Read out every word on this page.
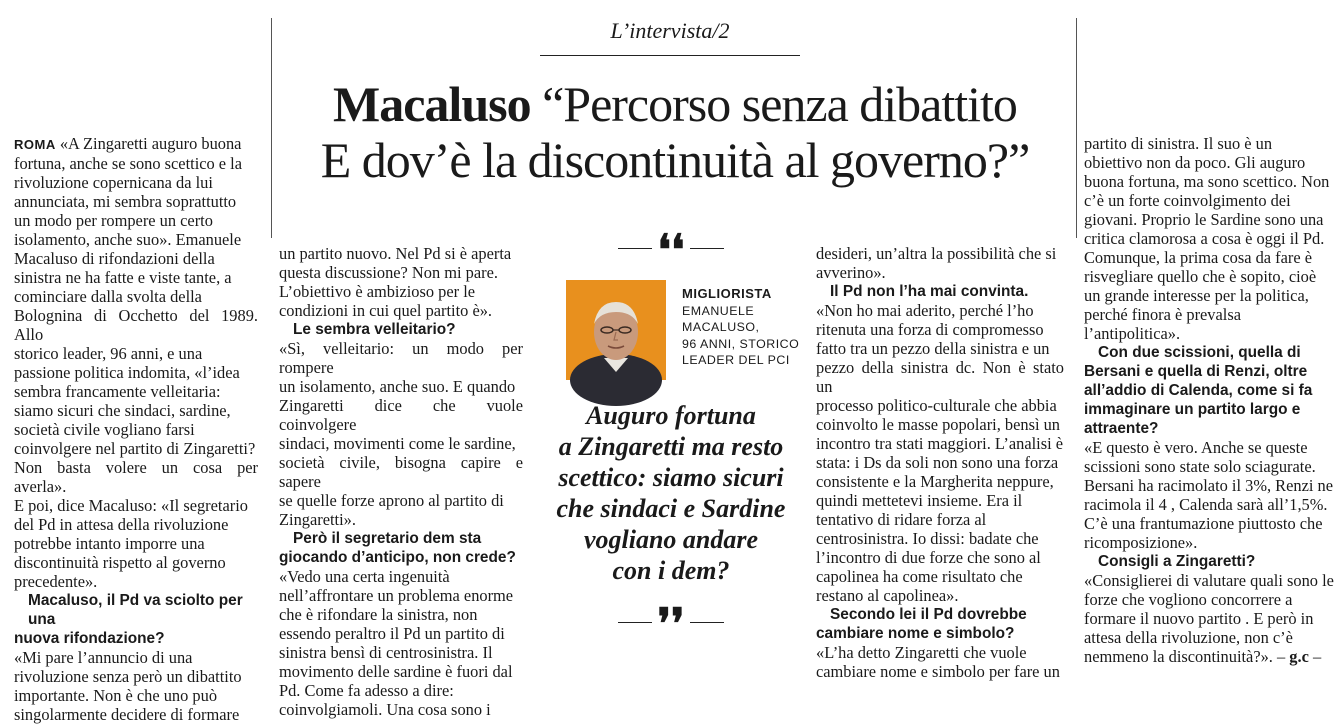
L’intervista/2
Macaluso “Percorso senza dibattito
E dov’è la discontinuità al governo?”

ROMA «A Zingaretti auguro buona

fortuna, anche se sono scettico e la

rivoluzione copernicana da lui

annunciata, mi sembra soprattutto

un modo per rompere un certo

isolamento, anche suo». Emanuele

Macaluso di rifondazioni della

sinistra ne ha fatte e viste tante, a

cominciare dalla svolta della

Bolognina di Occhetto del 1989. Allo

storico leader, 96 anni, e una

passione politica indomita, «l’idea

sembra francamente velleitaria:

siamo sicuri che sindaci, sardine,

società civile vogliano farsi

coinvolgere nel partito di Zingaretti?

Non basta volere un cosa per averla».

E poi, dice Macaluso: «Il segretario

del Pd in attesa della rivoluzione

potrebbe intanto imporre una

discontinuità rispetto al governo

precedente».

Macaluso, il Pd va sciolto per una

nuova rifondazione?

«Mi pare l’annuncio di una

rivoluzione senza però un dibattito

importante. Non è che uno può

singolarmente decidere di formare

un partito nuovo. Nel Pd si è aperta

questa discussione? Non mi pare.

L’obiettivo è ambizioso per le

condizioni in cui quel partito è».

Le sembra velleitario?

«Sì, velleitario: un modo per rompere

un isolamento, anche suo. E quando

Zingaretti dice che vuole coinvolgere

sindaci, movimenti come le sardine,

società civile, bisogna capire e sapere

se quelle forze aprono al partito di

Zingaretti».

Però il segretario dem sta

giocando d’anticipo, non crede?

«Vedo una certa ingenuità

nell’affrontare un problema enorme

che è rifondare la sinistra, non

essendo peraltro il Pd un partito di

sinistra bensì di centrosinistra. Il

movimento delle sardine è fuori dal

Pd. Come fa adesso a dire:

coinvolgiamoli. Una cosa sono i

❛❛
MIGLIORISTA
EMANUELE
MACALUSO,
96 ANNI, STORICO
LEADER DEL PCI
Auguro fortuna
a Zingaretti ma resto
scettico: siamo sicuri
che sindaci e Sardine
vogliano andare
con i dem?
❜❜

desideri, un’altra la possibilità che si

avverino».

Il Pd non l’ha mai convinta.

«Non ho mai aderito, perché l’ho

ritenuta una forza di compromesso

fatto tra un pezzo della sinistra e un

pezzo della sinistra dc. Non è stato un

processo politico-culturale che abbia

coinvolto le masse popolari, bensì un

incontro tra stati maggiori. L’analisi è

stata: i Ds da soli non sono una forza

consistente e la Margherita neppure,

quindi mettetevi insieme. Era il

tentativo di ridare forza al

centrosinistra. Io dissi: badate che

l’incontro di due forze che sono al

capolinea ha come risultato che

restano al capolinea».

Secondo lei il Pd dovrebbe

cambiare nome e simbolo?

«L’ha detto Zingaretti che vuole

cambiare nome e simbolo per fare un

partito di sinistra. Il suo è un

obiettivo non da poco. Gli auguro

buona fortuna, ma sono scettico. Non

c’è un forte coinvolgimento dei

giovani. Proprio le Sardine sono una

critica clamorosa a cosa è oggi il Pd.

Comunque, la prima cosa da fare è

risvegliare quello che è sopito, cioè

un grande interesse per la politica,

perché finora è prevalsa

l’antipolitica».

Con due scissioni, quella di

Bersani e quella di Renzi, oltre

all’addio di Calenda, come si fa

immaginare un partito largo e

attraente?

«E questo è vero. Anche se queste

scissioni sono state solo sciagurate.

Bersani ha racimolato il 3%, Renzi ne

racimola il 4 , Calenda sarà all’1,5%.

C’è una frantumazione piuttosto che

ricomposizione».

Consigli a Zingaretti?

«Consiglierei di valutare quali sono le

forze che vogliono concorrere a

formare il nuovo partito . E però in

attesa della rivoluzione, non c’è

nemmeno la discontinuità?». – g.c –
